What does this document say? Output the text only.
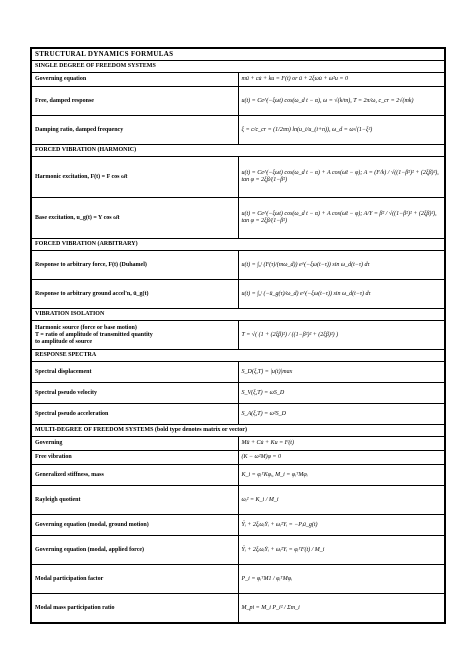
STRUCTURAL DYNAMICS FORMULAS	
SINGLE DEGREE OF FREEDOM SYSTEMS	
Governing equation	mü + cu̇ + ku = F(t) or ü + 2ξωu̇ + ω²u = 0
Free, damped response	u(t) = Ce^(−ξωt) cos(ω_d t − α), ω = √(k/m), T = 2π/ω, c_cr = 2√(mk)
Damping ratio, damped frequency	ξ = c/c_cr = (1/2πn) ln(u_i/u_(i+n)), ω_d = ω√(1−ξ²)
FORCED VIBRATION (HARMONIC)	
Harmonic excitation, F(t) = F cos ω̄t	u(t) = Ce^(−ξωt) cos(ω_d t − α) + A cos(ω̄t − φ); A = (F/k) / √((1−β²)² + (2ξβ)²), tan φ = 2ξβ/(1−β²)
Base excitation, u_g(t) = Y cos ω̄t	u(t) = Ce^(−ξωt) cos(ω_d t − α) + A cos(ω̄t − φ); A/Y = β² / √((1−β²)² + (2ξβ)²), tan φ = 2ξβ/(1−β²)
FORCED VIBRATION (ARBITRARY)	
Response to arbitrary force, F(t) (Duhamel)	u(t) = ∫₀ᵗ (F(τ)/(mω_d)) e^(−ξω(t−τ)) sin ω_d(t−τ) dτ
Response to arbitrary ground accel'n, ü_g(t)	u(t) = ∫₀ᵗ (−ü_g(τ)/ω_d) e^(−ξω(t−τ)) sin ω_d(t−τ) dτ
VIBRATION ISOLATION	
Harmonic source (force or base motion)
T = ratio of amplitude of transmitted quantity
to amplitude of source	T = √( (1 + (2ξβ)²) / ((1−β²)² + (2ξβ)²) )
RESPONSE SPECTRA	
Spectral displacement	S_D(ξ,T) = |u(t)|max
Spectral pseudo velocity	S_V(ξ,T) = ωS_D
Spectral pseudo acceleration	S_A(ξ,T) = ω²S_D
MULTI-DEGREE OF FREEDOM SYSTEMS (bold type denotes matrix or vector)	
Governing	Mü + Cu̇ + Ku = F(t)
Free vibration	(K − ω²M)φ = 0
Generalized stiffness, mass	K_i = φᵢᵀKφᵢ, M_i = φᵢᵀMφᵢ
Rayleigh quotient	ωᵢ² = K_i / M_i
Governing equation (modal, ground motion)	Ÿᵢ + 2ξᵢωᵢẎᵢ + ωᵢ²Yᵢ = −Pᵢü_g(t)
Governing equation (modal, applied force)	Ÿᵢ + 2ξᵢωᵢẎᵢ + ωᵢ²Yᵢ = φᵢᵀF(t) / M_i
Modal participation factor	P_i = φᵢᵀM1 / φᵢᵀMφᵢ
Modal mass participation ratio	M_pi = M_i P_i² / Σm_i
